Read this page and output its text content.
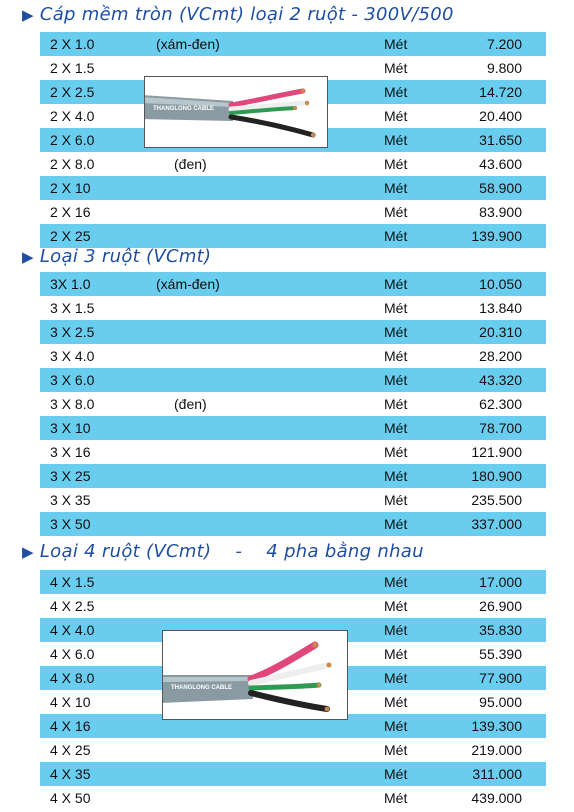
▶ Cáp mềm tròn (VCmt) loại 2 ruột - 300V/500
2 X 1.0	(xám-đen)	Mét	7.200
2 X 1.5	Mét	9.800
2 X 2.5	Mét	14.720
2 X 4.0	Mét	20.400
2 X 6.0	Mét	31.650
2 X 8.0	(đen)	Mét	43.600
2 X 10	Mét	58.900
2 X 16	Mét	83.900
2 X 25	Mét	139.900
THANGLONG CABLE
▶ Loại 3 ruột (VCmt)
3X 1.0	(xám-đen)	Mét	10.050
3 X 1.5	Mét	13.840
3 X 2.5	Mét	20.310
3 X 4.0	Mét	28.200
3 X 6.0	Mét	43.320
3 X 8.0	(đen)	Mét	62.300
3 X 10	Mét	78.700
3 X 16	Mét	121.900
3 X 25	Mét	180.900
3 X 35	Mét	235.500
3 X 50	Mét	337.000
▶ Loại 4 ruột (VCmt)    -    4 pha bằng nhau
4 X 1.5	Mét	17.000
4 X 2.5	Mét	26.900
4 X 4.0	Mét	35.830
4 X 6.0	Mét	55.390
4 X 8.0	Mét	77.900
4 X 10	Mét	95.000
4 X 16	Mét	139.300
4 X 25	Mét	219.000
4 X 35	Mét	311.000
4 X 50	Mét	439.000
THANGLONG CABLE
